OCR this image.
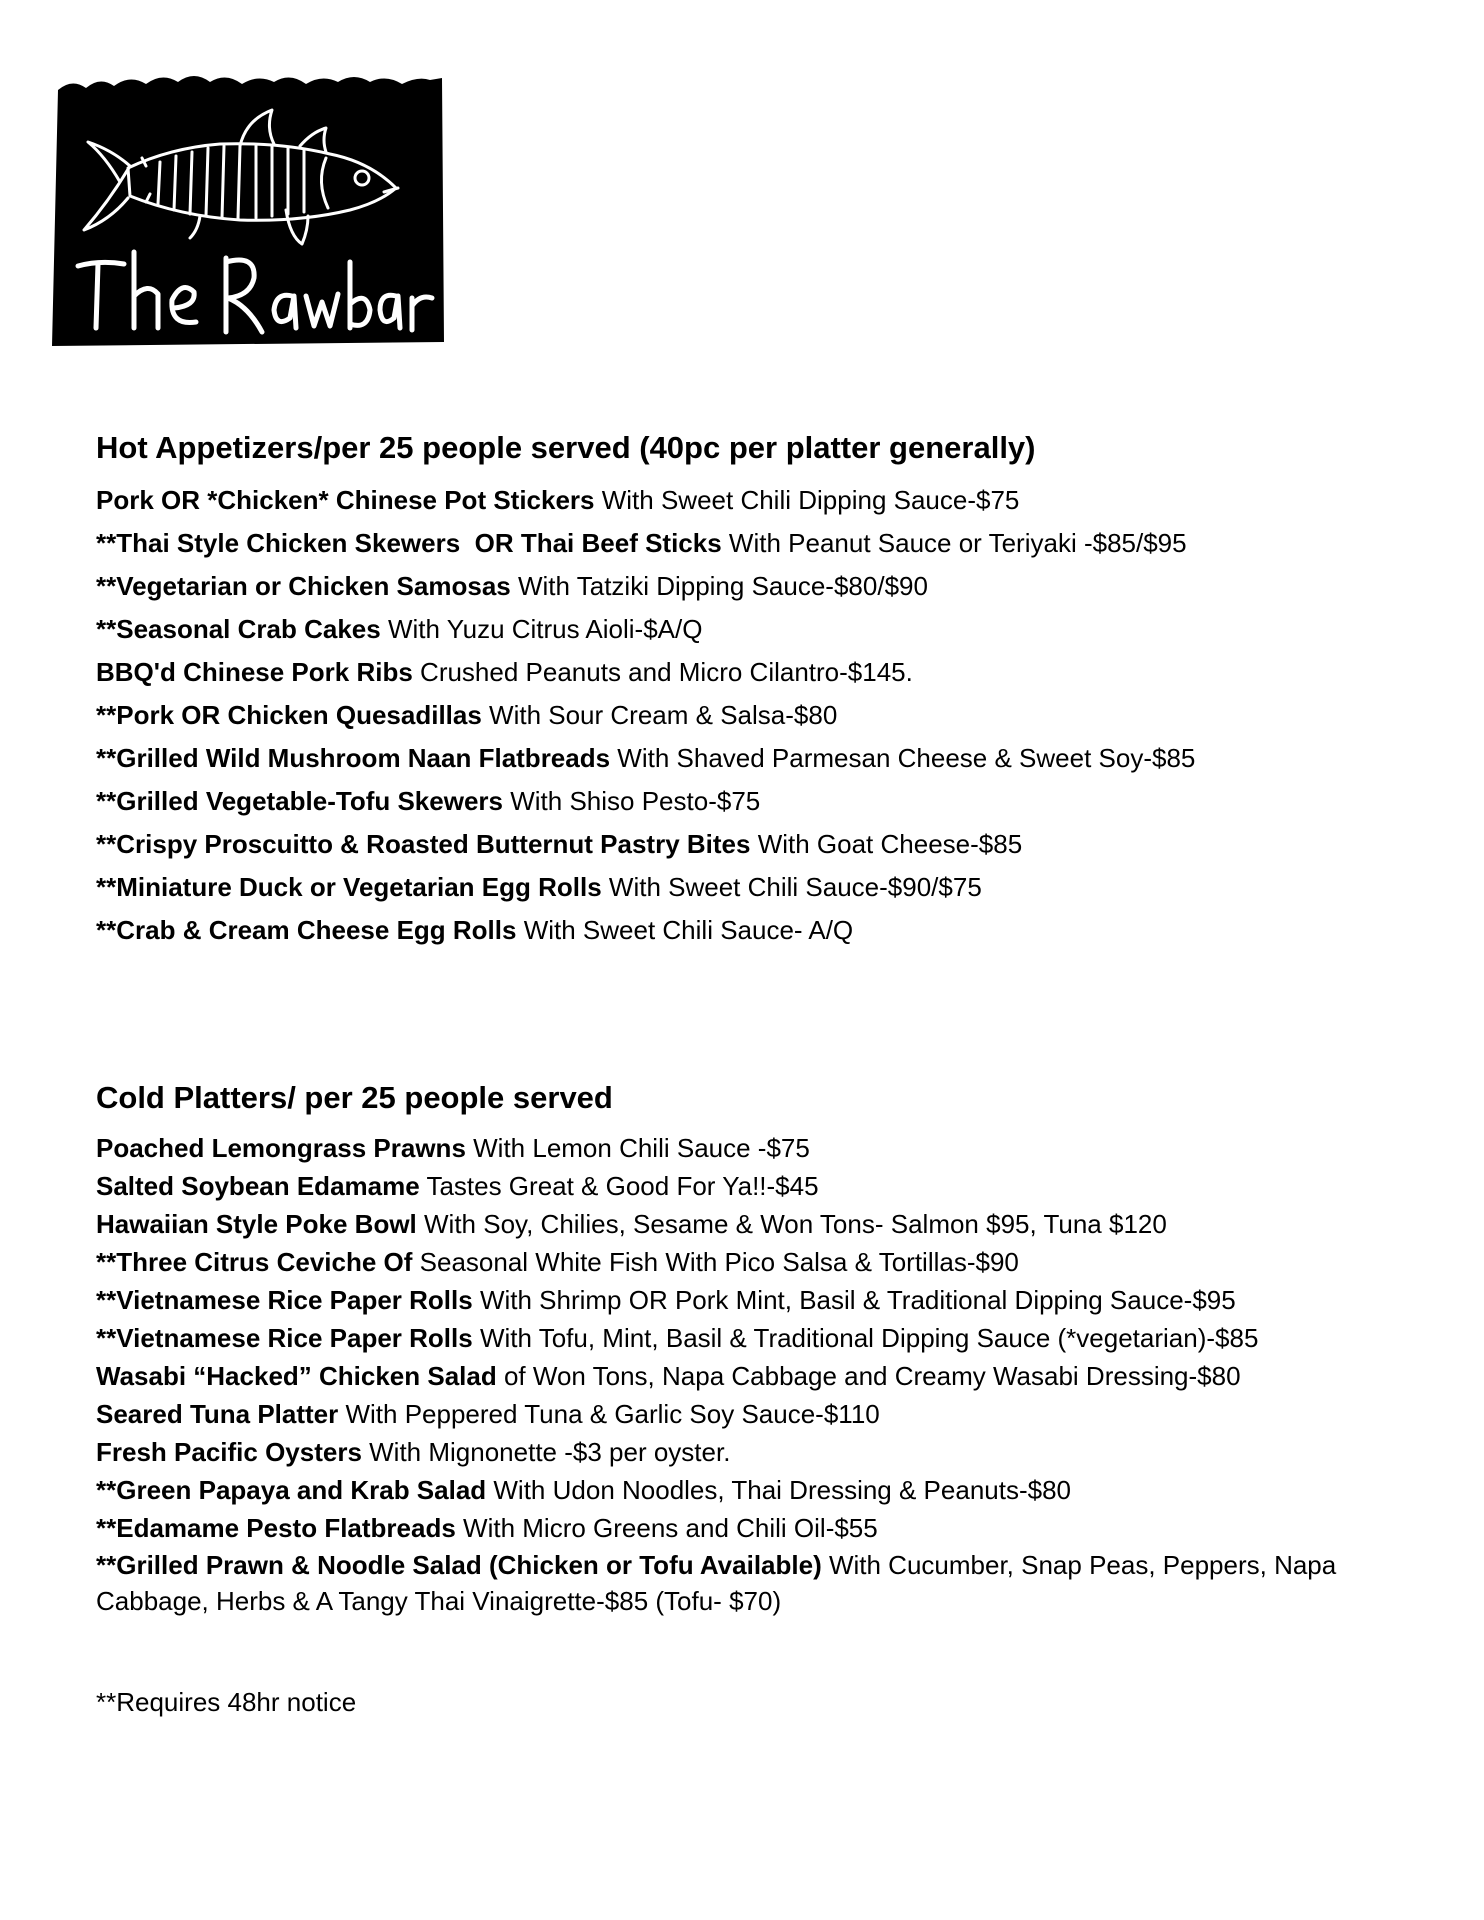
Hot Appetizers/per 25 people served (40pc per platter generally)
Pork OR *Chicken* Chinese Pot Stickers With Sweet Chili Dipping Sauce-$75
**Thai Style Chicken Skewers  OR Thai Beef Sticks With Peanut Sauce or Teriyaki -$85/$95
**Vegetarian or Chicken Samosas With Tatziki Dipping Sauce-$80/$90
**Seasonal Crab Cakes With Yuzu Citrus Aioli-$A/Q
BBQ'd Chinese Pork Ribs Crushed Peanuts and Micro Cilantro-$145.
**Pork OR Chicken Quesadillas With Sour Cream & Salsa-$80
**Grilled Wild Mushroom Naan Flatbreads With Shaved Parmesan Cheese & Sweet Soy-$85
**Grilled Vegetable-Tofu Skewers With Shiso Pesto-$75
**Crispy Proscuitto & Roasted Butternut Pastry Bites With Goat Cheese-$85
**Miniature Duck or Vegetarian Egg Rolls With Sweet Chili Sauce-$90/$75
**Crab & Cream Cheese Egg Rolls With Sweet Chili Sauce- A/Q
Cold Platters/ per 25 people served
Poached Lemongrass Prawns With Lemon Chili Sauce -$75
Salted Soybean Edamame Tastes Great & Good For Ya!!-$45
Hawaiian Style Poke Bowl With Soy, Chilies, Sesame & Won Tons- Salmon $95, Tuna $120
**Three Citrus Ceviche Of Seasonal White Fish With Pico Salsa & Tortillas-$90
**Vietnamese Rice Paper Rolls With Shrimp OR Pork Mint, Basil & Traditional Dipping Sauce-$95
**Vietnamese Rice Paper Rolls With Tofu, Mint, Basil & Traditional Dipping Sauce (*vegetarian)-$85
Wasabi “Hacked” Chicken Salad of Won Tons, Napa Cabbage and Creamy Wasabi Dressing-$80
Seared Tuna Platter With Peppered Tuna & Garlic Soy Sauce-$110
Fresh Pacific Oysters With Mignonette -$3 per oyster.
**Green Papaya and Krab Salad With Udon Noodles, Thai Dressing & Peanuts-$80
**Edamame Pesto Flatbreads With Micro Greens and Chili Oil-$55
**Grilled Prawn & Noodle Salad (Chicken or Tofu Available) With Cucumber, Snap Peas, Peppers, Napa Cabbage, Herbs & A Tangy Thai Vinaigrette-$85 (Tofu- $70)
**Requires 48hr notice
